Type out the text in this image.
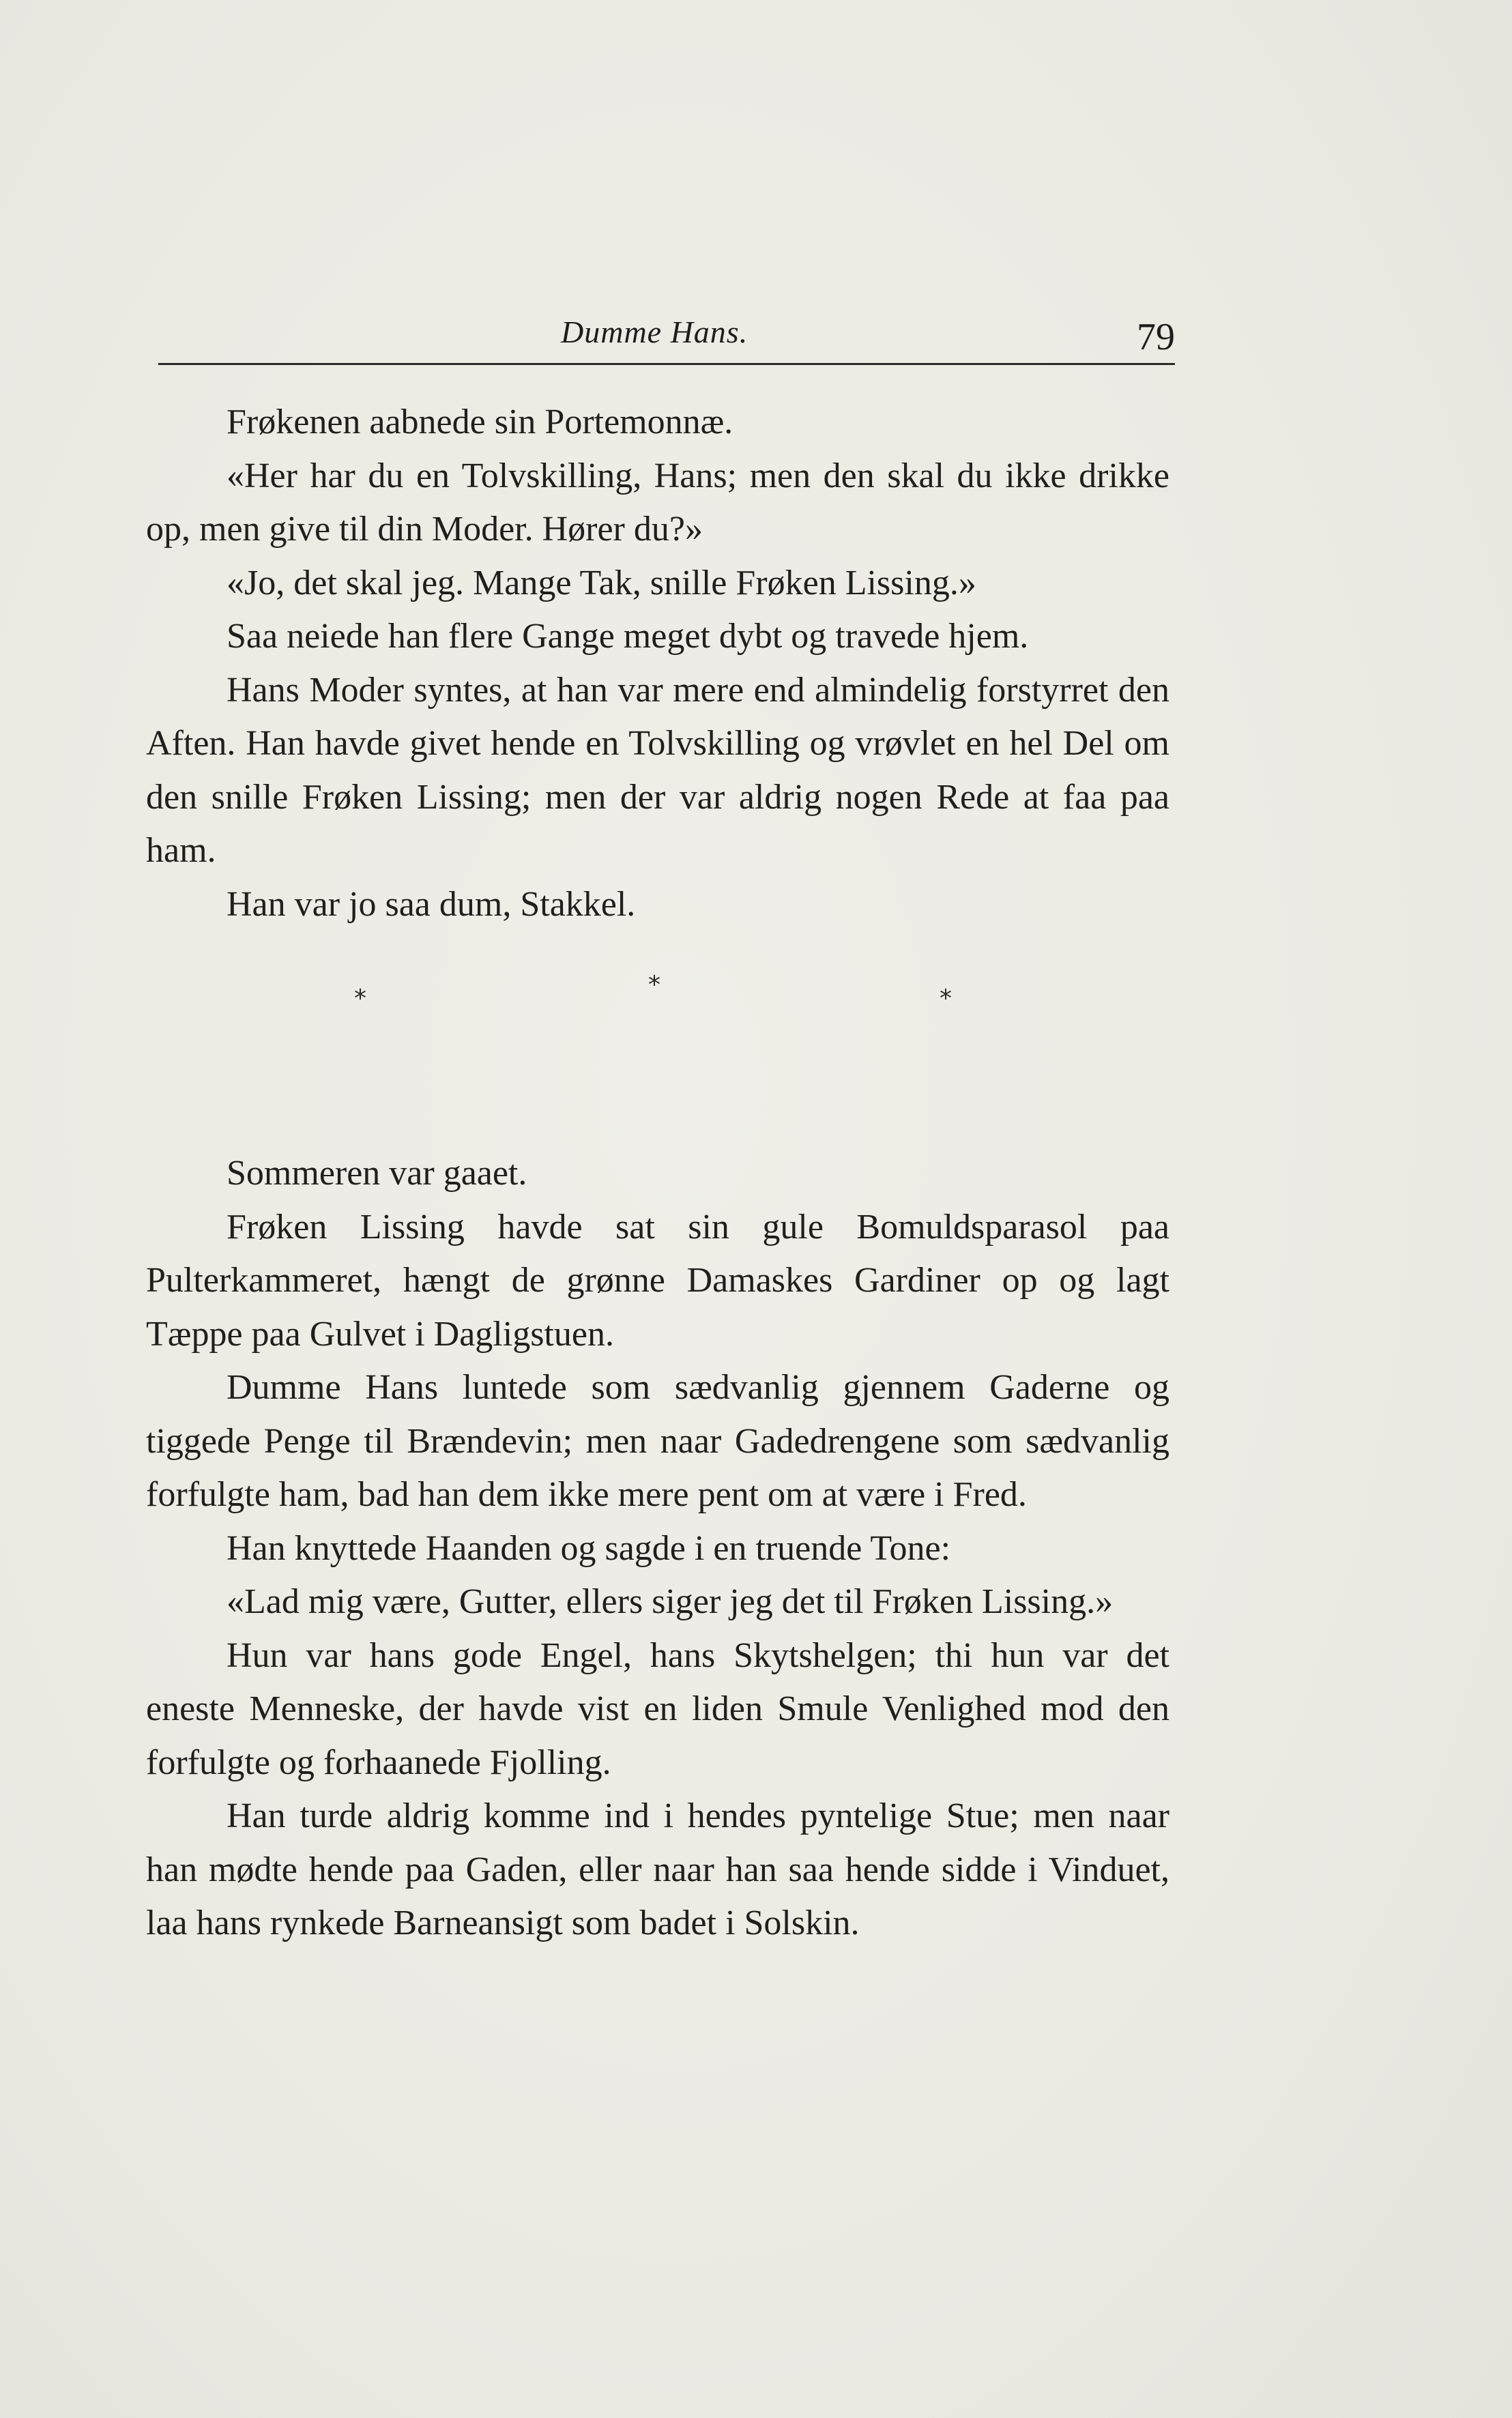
Dumme Hans.	79

Frøkenen aabnede sin Portemonnæ.

«Her har du en Tolvskilling, Hans; men den skal du ikke drikke op, men give til din Moder. Hører du?»

«Jo, det skal jeg. Mange Tak, snille Frøken Lissing.»

Saa neiede han flere Gange meget dybt og travede hjem.

Hans Moder syntes, at han var mere end almindelig forstyrret den Aften. Han havde givet hende en Tolvskilling og vrøvlet en hel Del om den snille Frøken Lissing; men der var aldrig nogen Rede at faa paa ham.

Han var jo saa dum, Stakkel.

*	*	*

Sommeren var gaaet.

Frøken Lissing havde sat sin gule Bomuldsparasol paa Pulterkammeret, hængt de grønne Damaskes Gardiner op og lagt Tæppe paa Gulvet i Dagligstuen.

Dumme Hans luntede som sædvanlig gjennem Gaderne og tiggede Penge til Brændevin; men naar Gadedrengene som sædvanlig forfulgte ham, bad han dem ikke mere pent om at være i Fred.

Han knyttede Haanden og sagde i en truende Tone:

«Lad mig være, Gutter, ellers siger jeg det til Frøken Lissing.»

Hun var hans gode Engel, hans Skytshelgen; thi hun var det eneste Menneske, der havde vist en liden Smule Venlighed mod den forfulgte og forhaanede Fjolling.

Han turde aldrig komme ind i hendes pyntelige Stue; men naar han mødte hende paa Gaden, eller naar han saa hende sidde i Vinduet, laa hans rynkede Barneansigt som badet i Solskin.
